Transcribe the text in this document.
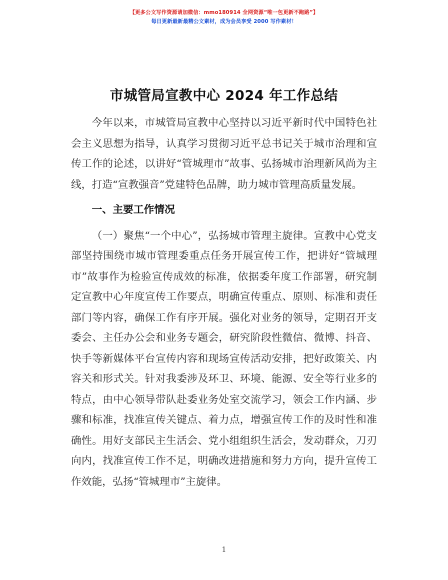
【更多公文写作资源请加微信：mmo180914 全网资源“唯一包更新不跑路”】
每日更新最新最精公文素材，成为会员享受 2000 写作素材！
市城管局宣教中心 2024 年工作总结

今年以来，市城管局宣教中心坚持以习近平新时代中国特色社会主义思想为指导，认真学习贯彻习近平总书记关于城市治理和宣传工作的论述，以讲好“管城理市”故事、弘扬城市治理新风尚为主线，打造“宣教强音”党建特色品牌，助力城市管理高质量发展。

一、主要工作情况

（一）聚焦“一个中心”，弘扬城市管理主旋律。宣教中心党支部坚持围绕市城市管理委重点任务开展宣传工作，把讲好“管城理市”故事作为检验宣传成效的标准，依据委年度工作部署，研究制定宣教中心年度宣传工作要点，明确宣传重点、原则、标准和责任部门等内容，确保工作有序开展。强化对业务的领导，定期召开支委会、主任办公会和业务专题会，研究阶段性微信、微博、抖音、快手等新媒体平台宣传内容和现场宣传活动安排，把好政策关、内容关和形式关。针对我委涉及环卫、环境、能源、安全等行业多的特点，由中心领导带队赴委业务处室交流学习，领会工作内涵、步骤和标准，找准宣传关键点、着力点，增强宣传工作的及时性和准确性。用好支部民主生活会、党小组组织生活会，发动群众，刀刃向内，找准宣传工作不足，明确改进措施和努力方向，提升宣传工作效能，弘扬“管城理市”主旋律。

1
